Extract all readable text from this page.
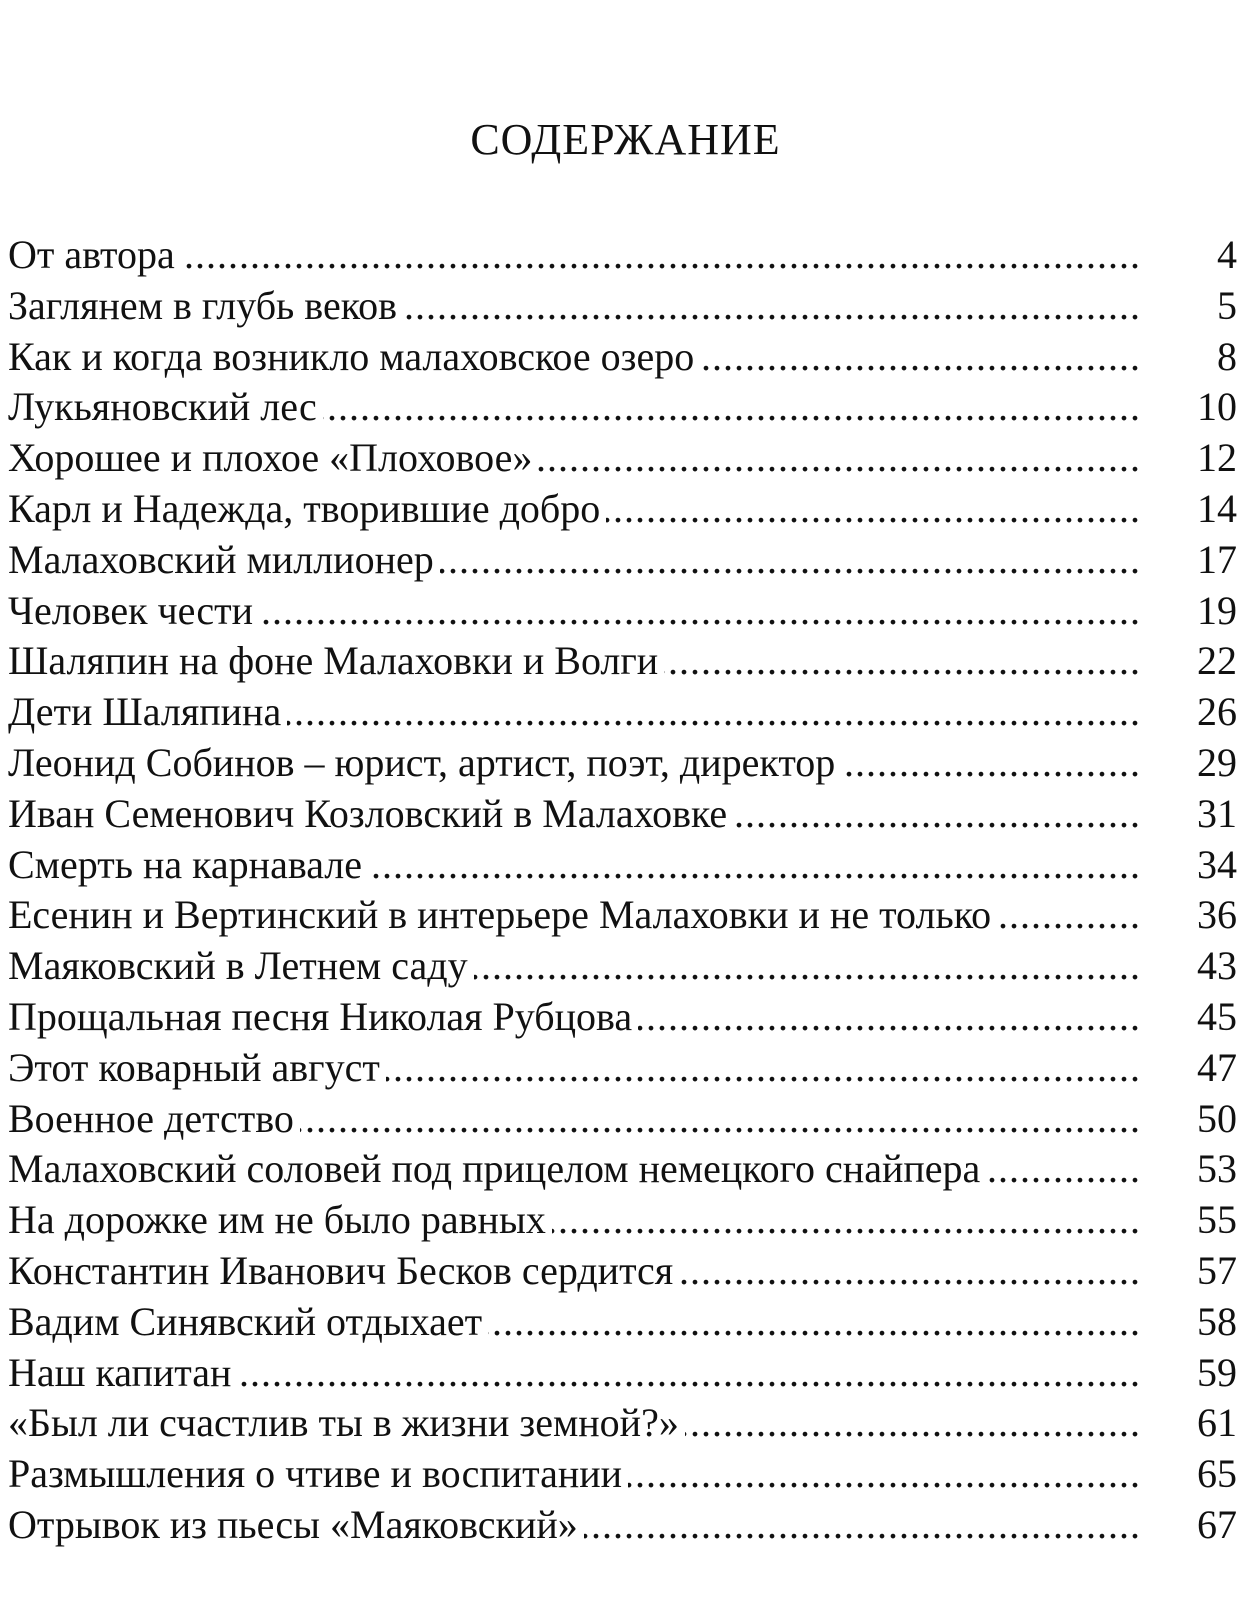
СОДЕРЖАНИЕ
От автора .....	4
Заглянем в глубь веков .....	5
Как и когда возникло малаховское озеро .....	8
Лукьяновский лес .....	10
Хорошее и плохое «Плоховое» .....	12
Карл и Надежда, творившие добро .....	14
Малаховский миллионер .....	17
Человек чести .....	19
Шаляпин на фоне Малаховки и Волги .....	22
Дети Шаляпина .....	26
Леонид Собинов – юрист, артист, поэт, директор .....	29
Иван Семенович Козловский в Малаховке .....	31
Смерть на карнавале .....	34
Есенин и Вертинский в интерьере Малаховки и не только .....	36
Маяковский в Летнем саду .....	43
Прощальная песня Николая Рубцова .....	45
Этот коварный август .....	47
Военное детство .....	50
Малаховский соловей под прицелом немецкого снайпера .....	53
На дорожке им не было равных .....	55
Константин Иванович Бесков сердится .....	57
Вадим Синявский отдыхает .....	58
Наш капитан .....	59
«Был ли счастлив ты в жизни земной?» .....	61
Размышления о чтиве и воспитании .....	65
Отрывок из пьесы «Маяковский» .....	67
